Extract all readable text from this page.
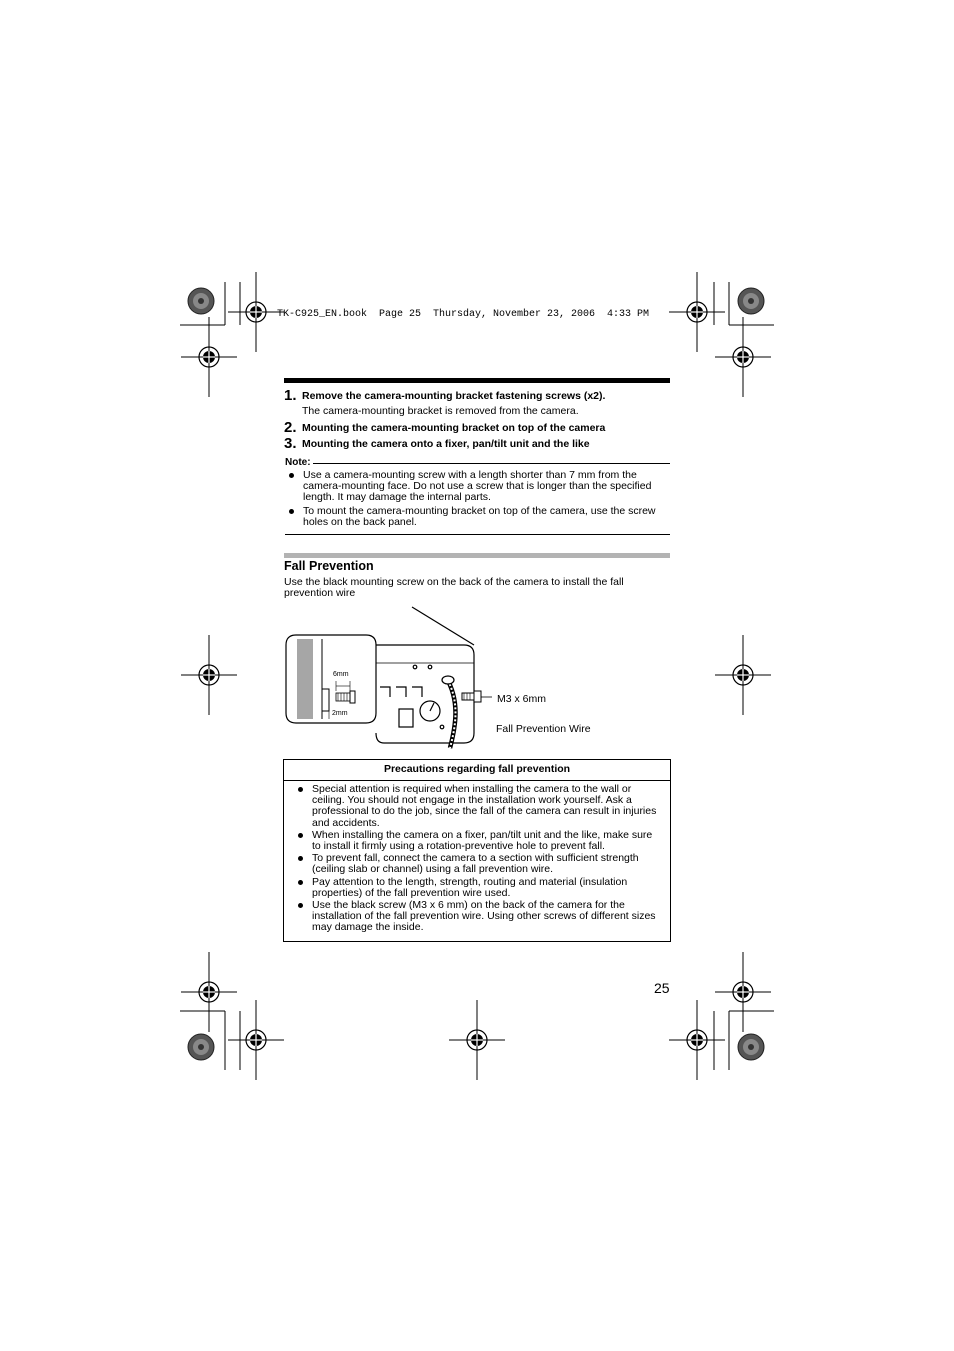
TK-C925_EN.book  Page 25  Thursday, November 23, 2006  4:33 PM
1. Remove the camera-mounting bracket fastening screws (x2).
The camera-mounting bracket is removed from the camera.
2. Mounting the camera-mounting bracket on top of the camera
3. Mounting the camera onto a fixer, pan/tilt unit and the like
Note:
Use a camera-mounting screw with a length shorter than 7 mm from the camera-mounting face. Do not use a screw that is longer than the specified length. It may damage the internal parts.
To mount the camera-mounting bracket on top of the camera, use the screw holes on the back panel.
Fall Prevention
Use the black mounting screw on the back of the camera to install the fall prevention wire
6mm
2mm
M3 x 6mm
Fall Prevention Wire
Precautions regarding fall prevention
Special attention is required when installing the camera to the wall or ceiling. You should not engage in the installation work yourself. Ask a professional to do the job, since the fall of the camera can result in injuries and accidents.
When installing the camera on a fixer, pan/tilt unit and the like, make sure to install it firmly using a rotation-preventive hole to prevent fall.
To prevent fall, connect the camera to a section with sufficient strength (ceiling slab or channel) using a fall prevention wire.
Pay attention to the length, strength, routing and material (insulation properties) of the fall prevention wire used.
Use the black screw (M3 x 6 mm) on the back of the camera for the installation of the fall prevention wire. Using other screws of different sizes may damage the inside.
25
